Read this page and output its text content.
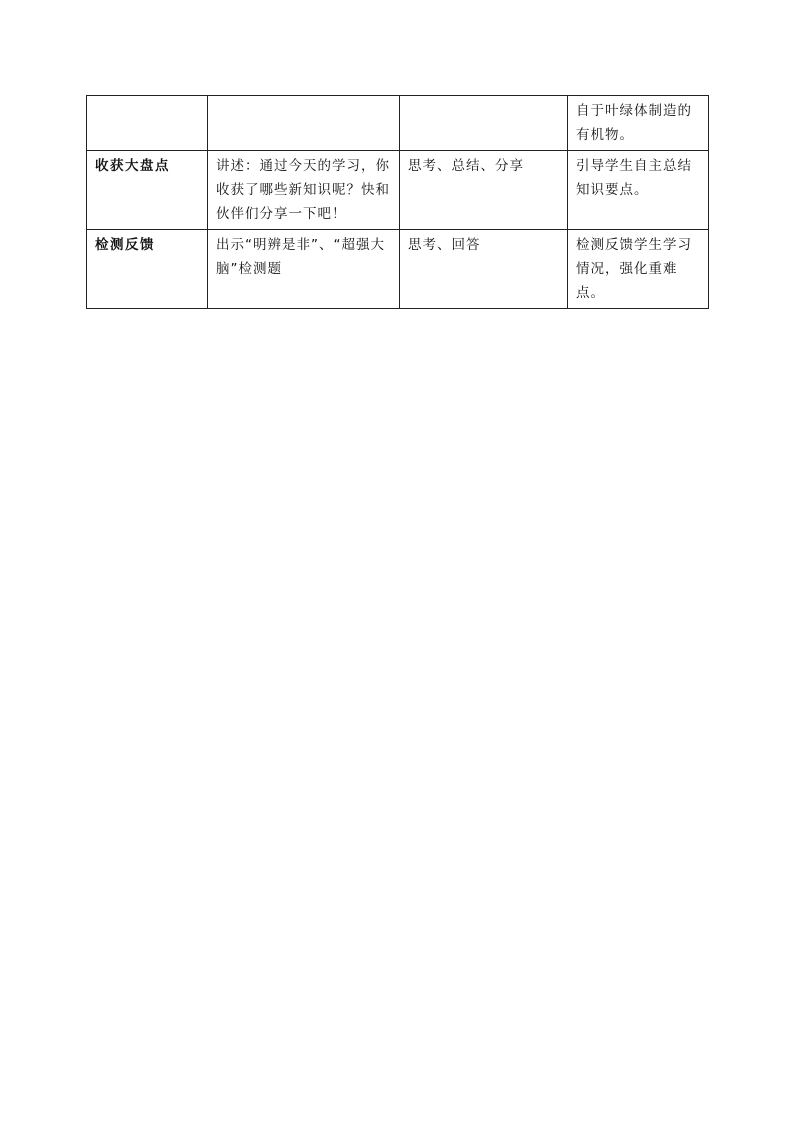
			自于叶绿体制造的有机物。

收获大盘点	讲述：通过今天的学习，你收获了哪些新知识呢？快和伙伴们分享一下吧！	思考、总结、分享	引导学生自主总结知识要点。

检测反馈	出示“明辨是非”、“超强大脑”检测题	思考、回答	检测反馈学生学习情况，强化重难点。
